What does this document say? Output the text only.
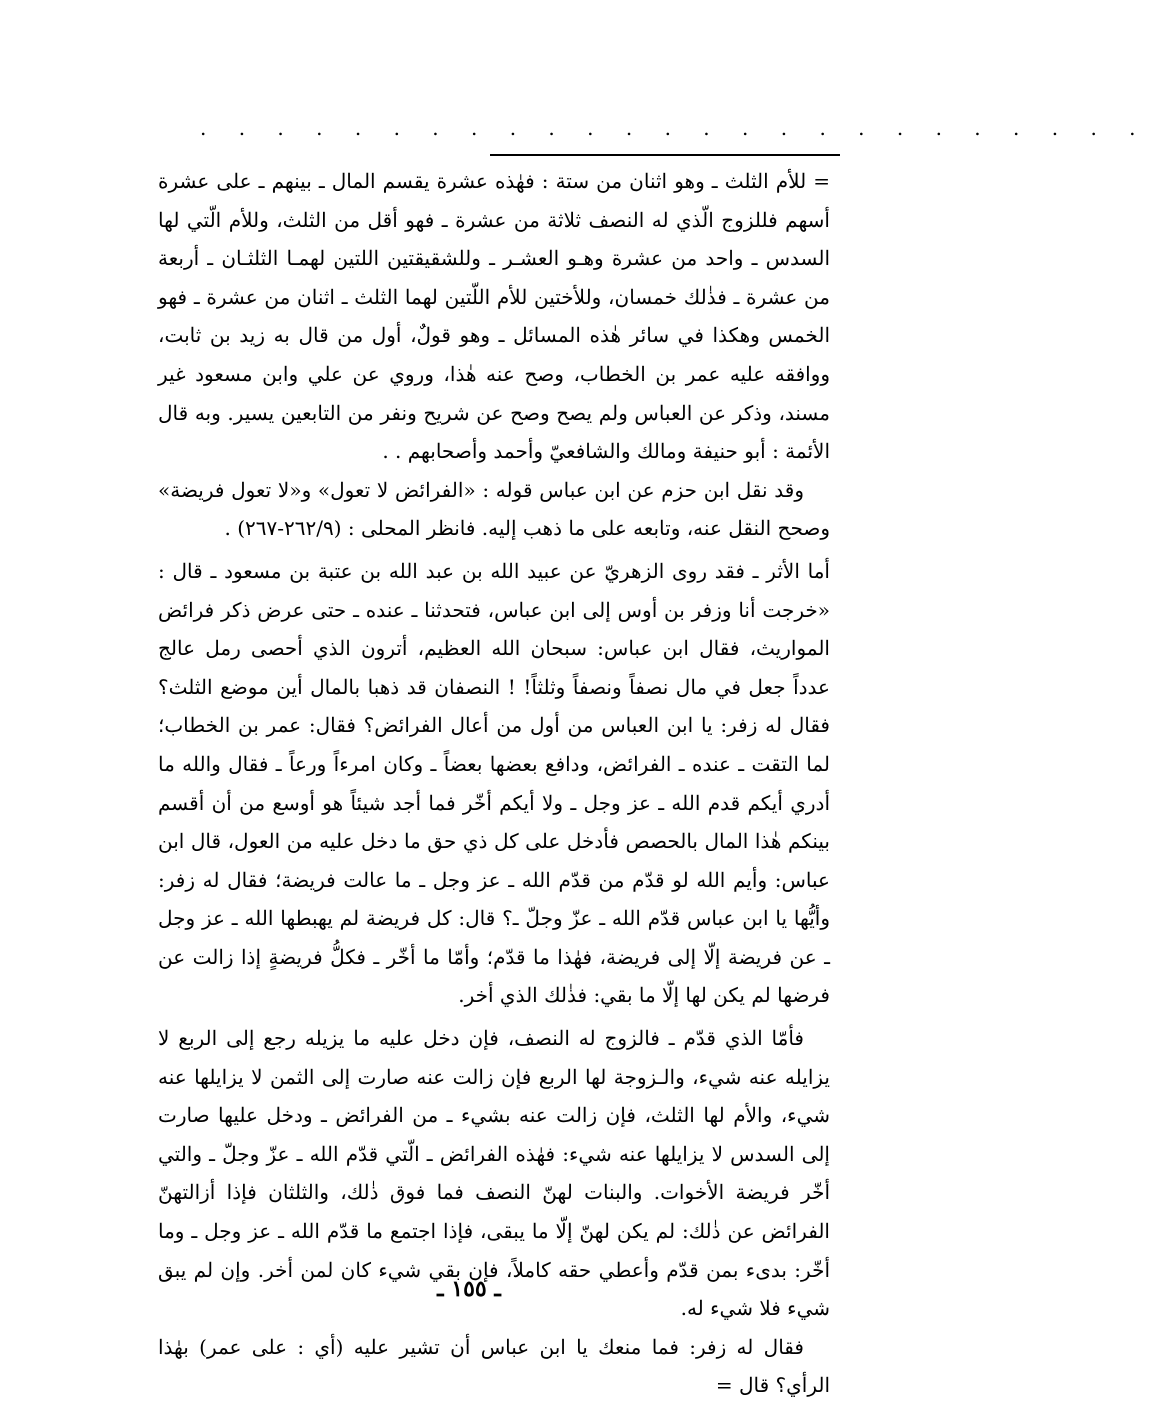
. . . . . . . . . . . . . . . . . . . . . . . . .

= للأم الثلث ـ وهو اثنان من ستة : فهٰذه عشرة يقسم المال ـ بينهم ـ على عشرة أسهم فللزوج الّذي له النصف ثلاثة من عشرة ـ فهو أقل من الثلث، وللأم الّتي لها السدس ـ واحد من عشرة وهـو العشـر ـ وللشقيقتين اللتين لهمـا الثلثـان ـ أربعة من عشرة ـ فذٰلك خمسان، وللأختين للأم اللّتين لهما الثلث ـ اثنان من عشرة ـ فهو الخمس وهكذا في سائر هٰذه المسائل ـ وهو قولٌ، أول من قال به زيد بن ثابت، ووافقه عليه عمر بن الخطاب، وصح عنه هٰذا، وروي عن علي وابن مسعود غير مسند، وذكر عن العباس ولم يصح وصح عن شريح ونفر من التابعين يسير. وبه قال الأئمة : أبو حنيفة ومالك والشافعيّ وأحمد وأصحابهم . .

وقد نقل ابن حزم عن ابن عباس قوله : «الفرائض لا تعول» و«لا تعول فريضة» وصحح النقل عنه، وتابعه على ما ذهب إليه. فانظر المحلى : (٢٦٢/٩-٢٦٧) .

أما الأثر ـ فقد روى الزهريّ عن عبيد الله بن عبد الله بن عتبة بن مسعود ـ قال : «خرجت أنا وزفر بن أوس إلى ابن عباس، فتحدثنا ـ عنده ـ حتى عرض ذكر فرائض المواريث، فقال ابن عباس: سبحان الله العظيم، أترون الذي أحصى رمل عالج عدداً جعل في مال نصفاً ونصفاً وثلثاً! ! النصفان قد ذهبا بالمال أين موضع الثلث؟ فقال له زفر: يا ابن العباس من أول من أعال الفرائض؟ فقال: عمر بن الخطاب؛ لما التقت ـ عنده ـ الفرائض، ودافع بعضها بعضاً ـ وكان امرءاً ورعاً ـ فقال والله ما أدري أيكم قدم الله ـ عز وجل ـ ولا أيكم أخّر فما أجد شيئاً هو أوسع من أن أقسم بينكم هٰذا المال بالحصص فأدخل على كل ذي حق ما دخل عليه من العول، قال ابن عباس: وأيم الله لو قدّم من قدّم الله ـ عز وجل ـ ما عالت فريضة؛ فقال له زفر: وأيُّها يا ابن عباس قدّم الله ـ عزّ وجلّ ـ؟ قال: كل فريضة لم يهبطها الله ـ عز وجل ـ عن فريضة إلّا إلى فريضة، فهٰذا ما قدّم؛ وأمّا ما أخّر ـ فكلُّ فريضةٍ إذا زالت عن فرضها لم يكن لها إلّا ما بقي: فذٰلك الذي أخر.

فأمّا الذي قدّم ـ فالزوج له النصف، فإن دخل عليه ما يزيله رجع إلى الربع لا يزايله عنه شيء، والـزوجة لها الربع فإن زالت عنه صارت إلى الثمن لا يزايلها عنه شيء، والأم لها الثلث، فإن زالت عنه بشيء ـ من الفرائض ـ ودخل عليها صارت إلى السدس لا يزايلها عنه شيء: فهٰذه الفرائض ـ الّتي قدّم الله ـ عزّ وجلّ ـ والتي أخّر فريضة الأخوات. والبنات لهنّ النصف فما فوق ذٰلك، والثلثان فإذا أزالتهنّ الفرائض عن ذٰلك: لم يكن لهنّ إلّا ما يبقى، فإذا اجتمع ما قدّم الله ـ عز وجل ـ وما أخّر: بدىء بمن قدّم وأعطي حقه كاملاً، فإن بقي شيء كان لمن أخر. وإن لم يبق شيء فلا شيء له.

فقال له زفر: فما منعك يا ابن عباس أن تشير عليه (أي : على عمر) بهٰذا الرأي؟ قال =

ـ ١٥٥ ـ
